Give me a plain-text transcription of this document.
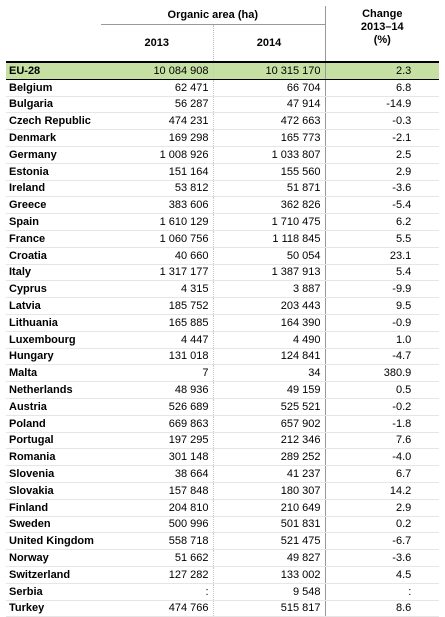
	Organic area (ha)		Change
2013–14
(%)

	2013	2014	
EU-28	10 084 908	10 315 170	2.3
Belgium	62 471	66 704	6.8
Bulgaria	56 287	47 914	-14.9
Czech Republic	474 231	472 663	-0.3
Denmark	169 298	165 773	-2.1
Germany	1 008 926	1 033 807	2.5
Estonia	151 164	155 560	2.9
Ireland	53 812	51 871	-3.6
Greece	383 606	362 826	-5.4
Spain	1 610 129	1 710 475	6.2
France	1 060 756	1 118 845	5.5
Croatia	40 660	50 054	23.1
Italy	1 317 177	1 387 913	5.4
Cyprus	4 315	3 887	-9.9
Latvia	185 752	203 443	9.5
Lithuania	165 885	164 390	-0.9
Luxembourg	4 447	4 490	1.0
Hungary	131 018	124 841	-4.7
Malta	7	34	380.9
Netherlands	48 936	49 159	0.5
Austria	526 689	525 521	-0.2
Poland	669 863	657 902	-1.8
Portugal	197 295	212 346	7.6
Romania	301 148	289 252	-4.0
Slovenia	38 664	41 237	6.7
Slovakia	157 848	180 307	14.2
Finland	204 810	210 649	2.9
Sweden	500 996	501 831	0.2
United Kingdom	558 718	521 475	-6.7
Norway	51 662	49 827	-3.6
Switzerland	127 282	133 002	4.5
Serbia	:	9 548	:
Turkey	474 766	515 817	8.6
